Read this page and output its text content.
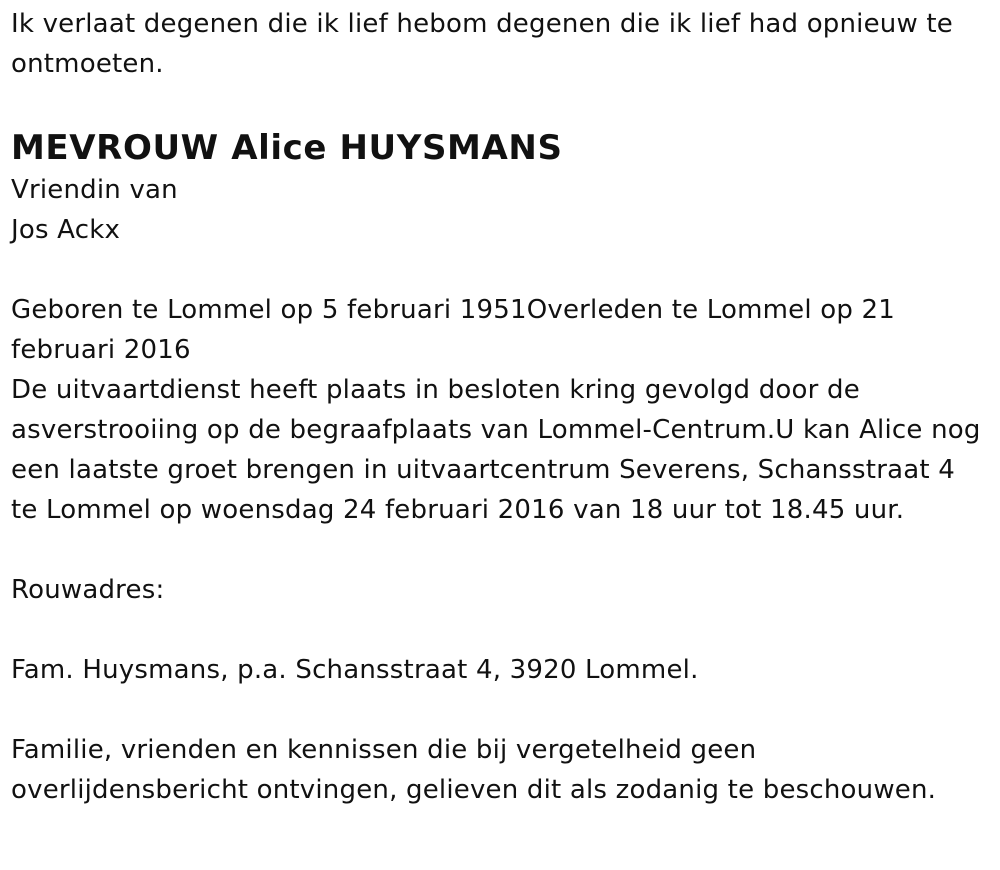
Ik verlaat degenen die ik lief hebom degenen die ik lief had opnieuw te ontmoeten.

MEVROUW Alice HUYSMANS

Vriendin van

Jos Ackx

Geboren te Lommel op 5 februari 1951Overleden te Lommel op 21 februari 2016

De uitvaartdienst heeft plaats in besloten kring gevolgd door de asverstrooiing op de begraafplaats van Lommel-Centrum.U kan Alice nog een laatste groet brengen in uitvaartcentrum Severens, Schansstraat 4 te Lommel op woensdag 24 februari 2016 van 18 uur tot 18.45 uur.

Rouwadres:

Fam. Huysmans, p.a. Schansstraat 4, 3920 Lommel.

Familie, vrienden en kennissen die bij vergetelheid geen overlijdensbericht ontvingen, gelieven dit als zodanig te beschouwen.
